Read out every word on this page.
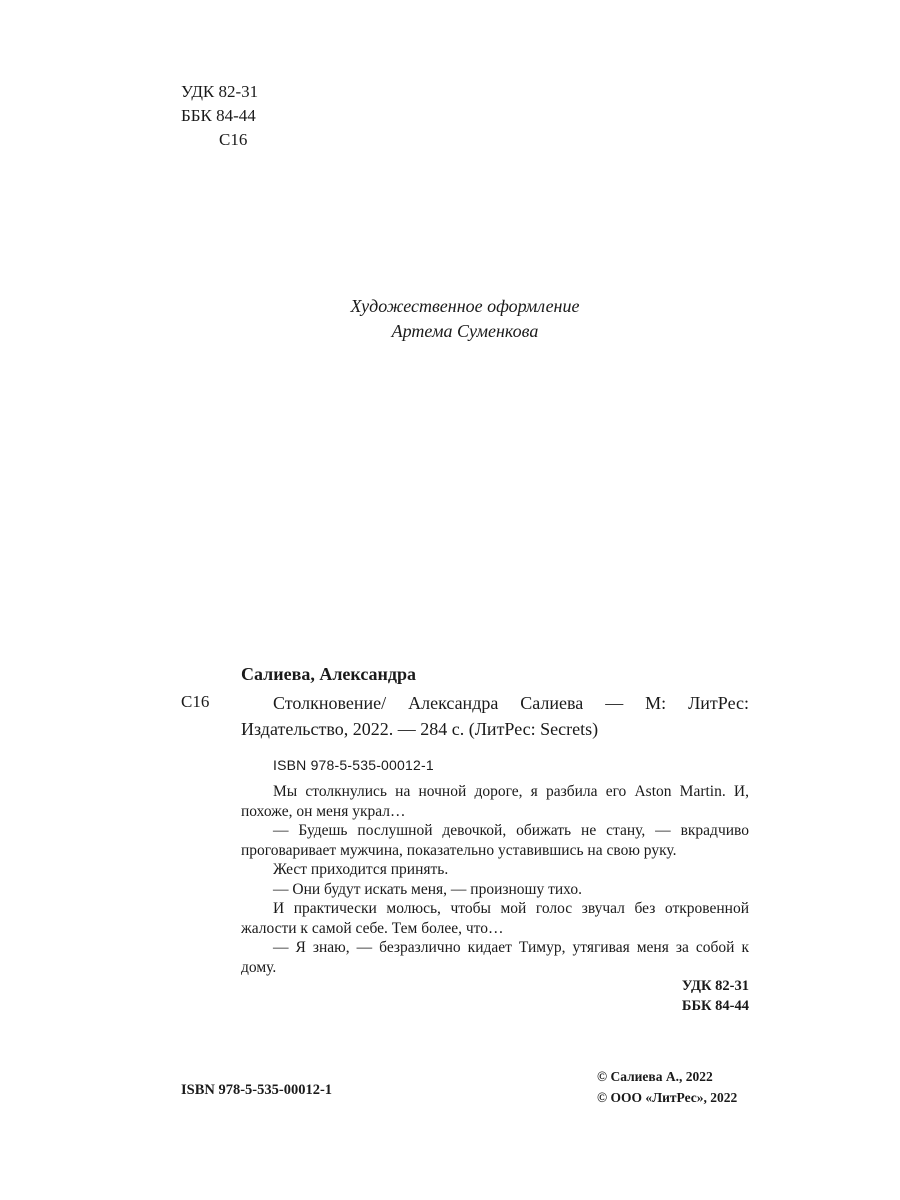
УДК 82-31
ББК 84-44
С16
Художественное оформление
Артема Суменкова
Салиева, Александра
С16	Столкновение/ Александра Салиева — М: ЛитРес: Издательство, 2022. — 284 с. (ЛитРес: Secrets)
ISBN 978-5-535-00012-1

Мы столкнулись на ночной дороге, я разбила его Aston Martin. И, похоже, он меня украл…

— Будешь послушной девочкой, обижать не стану, — вкрадчиво проговаривает мужчина, показательно уставившись на свою руку.

Жест приходится принять.

— Они будут искать меня, — произношу тихо.

И практически молюсь, чтобы мой голос звучал без откровенной жалости к самой себе. Тем более, что…

— Я знаю, — безразлично кидает Тимур, утягивая меня за собой к дому.

УДК 82-31
ББК 84-44
ISBN 978-5-535-00012-1
© Салиева А., 2022
© ООО «ЛитРес», 2022
